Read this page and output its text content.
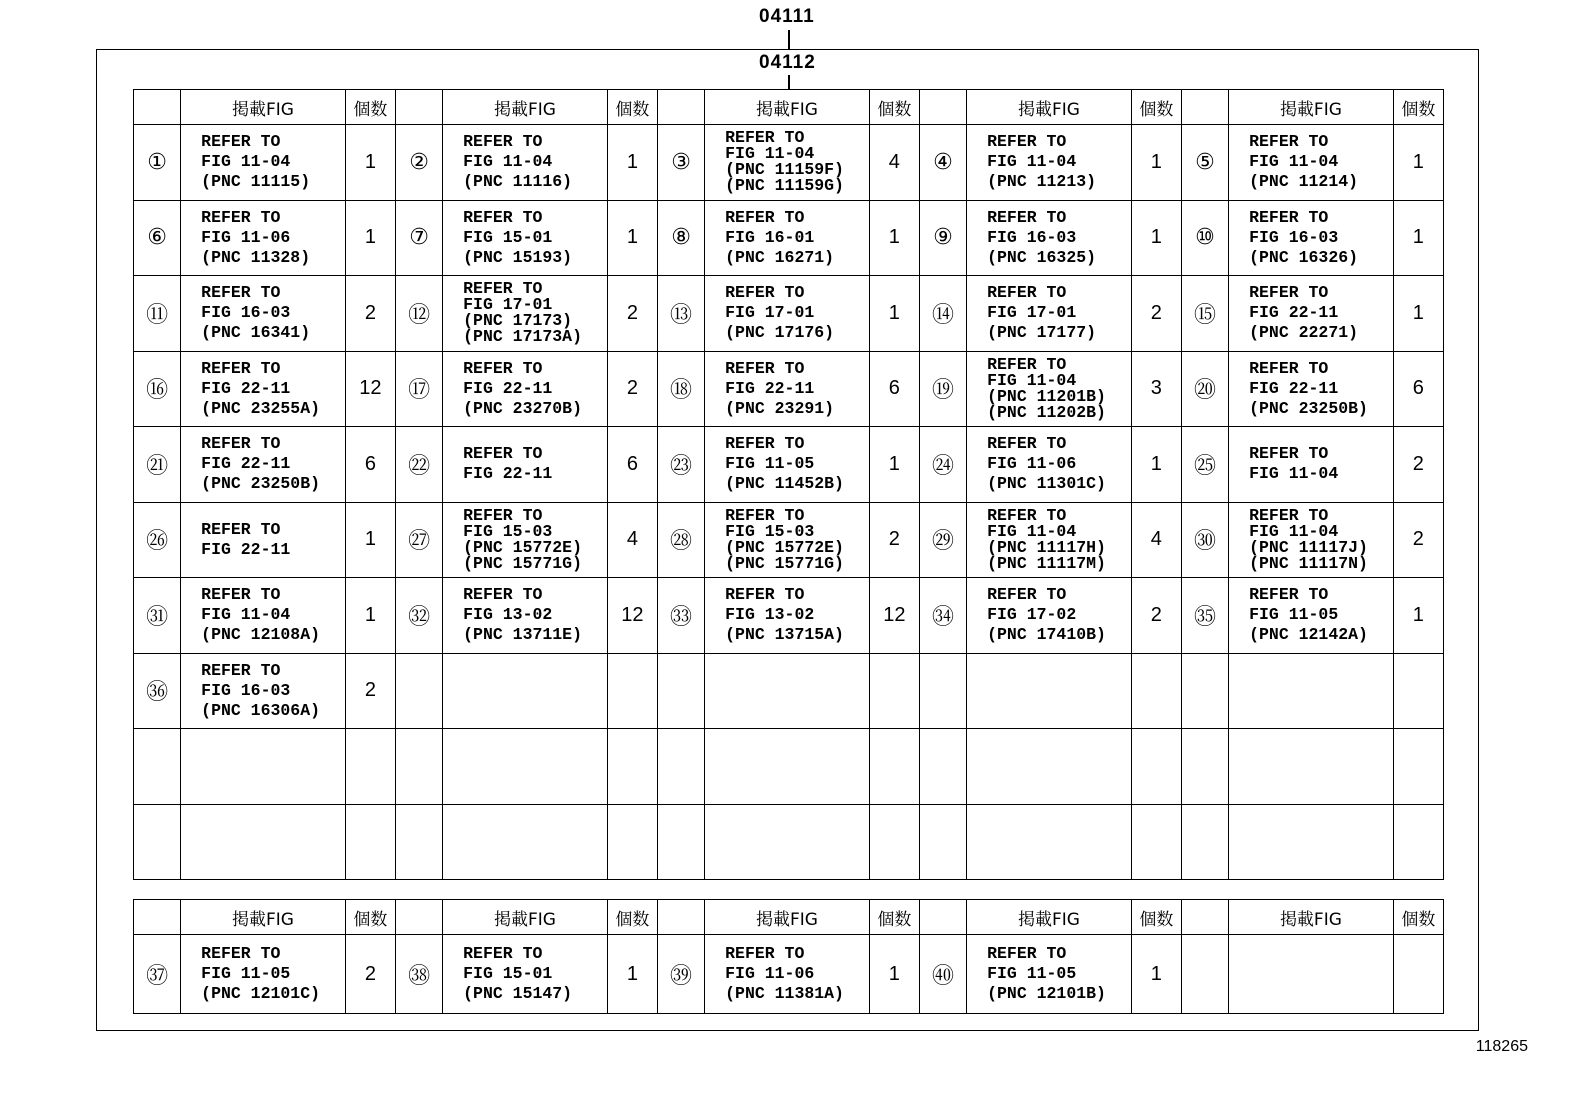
04111
04112
	掲載FIG	個数		掲載FIG	個数		掲載FIG	個数		掲載FIG	個数		掲載FIG	個数
①	REFER TO
FIG 11-04
(PNC 11115)	1	②	REFER TO
FIG 11-04
(PNC 11116)	1	③	REFER TO
FIG 11-04
(PNC 11159F)
(PNC 11159G)	4	④	REFER TO
FIG 11-04
(PNC 11213)	1	⑤	REFER TO
FIG 11-04
(PNC 11214)	1
⑥	REFER TO
FIG 11-06
(PNC 11328)	1	⑦	REFER TO
FIG 15-01
(PNC 15193)	1	⑧	REFER TO
FIG 16-01
(PNC 16271)	1	⑨	REFER TO
FIG 16-03
(PNC 16325)	1	⑩	REFER TO
FIG 16-03
(PNC 16326)	1
⑪	REFER TO
FIG 16-03
(PNC 16341)	2	⑫	REFER TO
FIG 17-01
(PNC 17173)
(PNC 17173A)	2	⑬	REFER TO
FIG 17-01
(PNC 17176)	1	⑭	REFER TO
FIG 17-01
(PNC 17177)	2	⑮	REFER TO
FIG 22-11
(PNC 22271)	1
⑯	REFER TO
FIG 22-11
(PNC 23255A)	12	⑰	REFER TO
FIG 22-11
(PNC 23270B)	2	⑱	REFER TO
FIG 22-11
(PNC 23291)	6	⑲	REFER TO
FIG 11-04
(PNC 11201B)
(PNC 11202B)	3	⑳	REFER TO
FIG 22-11
(PNC 23250B)	6
㉑	REFER TO
FIG 22-11
(PNC 23250B)	6	㉒	REFER TO
FIG 22-11	6	㉓	REFER TO
FIG 11-05
(PNC 11452B)	1	㉔	REFER TO
FIG 11-06
(PNC 11301C)	1	㉕	REFER TO
FIG 11-04	2
㉖	REFER TO
FIG 22-11	1	㉗	REFER TO
FIG 15-03
(PNC 15772E)
(PNC 15771G)	4	㉘	REFER TO
FIG 15-03
(PNC 15772E)
(PNC 15771G)	2	㉙	REFER TO
FIG 11-04
(PNC 11117H)
(PNC 11117M)	4	㉚	REFER TO
FIG 11-04
(PNC 11117J)
(PNC 11117N)	2
㉛	REFER TO
FIG 11-04
(PNC 12108A)	1	㉜	REFER TO
FIG 13-02
(PNC 13711E)	12	㉝	REFER TO
FIG 13-02
(PNC 13715A)	12	㉞	REFER TO
FIG 17-02
(PNC 17410B)	2	㉟	REFER TO
FIG 11-05
(PNC 12142A)	1
㊱	REFER TO
FIG 16-03
(PNC 16306A)	2												

	掲載FIG	個数		掲載FIG	個数		掲載FIG	個数		掲載FIG	個数		掲載FIG	個数
㊲	REFER TO
FIG 11-05
(PNC 12101C)	2	㊳	REFER TO
FIG 15-01
(PNC 15147)	1	㊴	REFER TO
FIG 11-06
(PNC 11381A)	1	㊵	REFER TO
FIG 11-05
(PNC 12101B)	1			
118265
